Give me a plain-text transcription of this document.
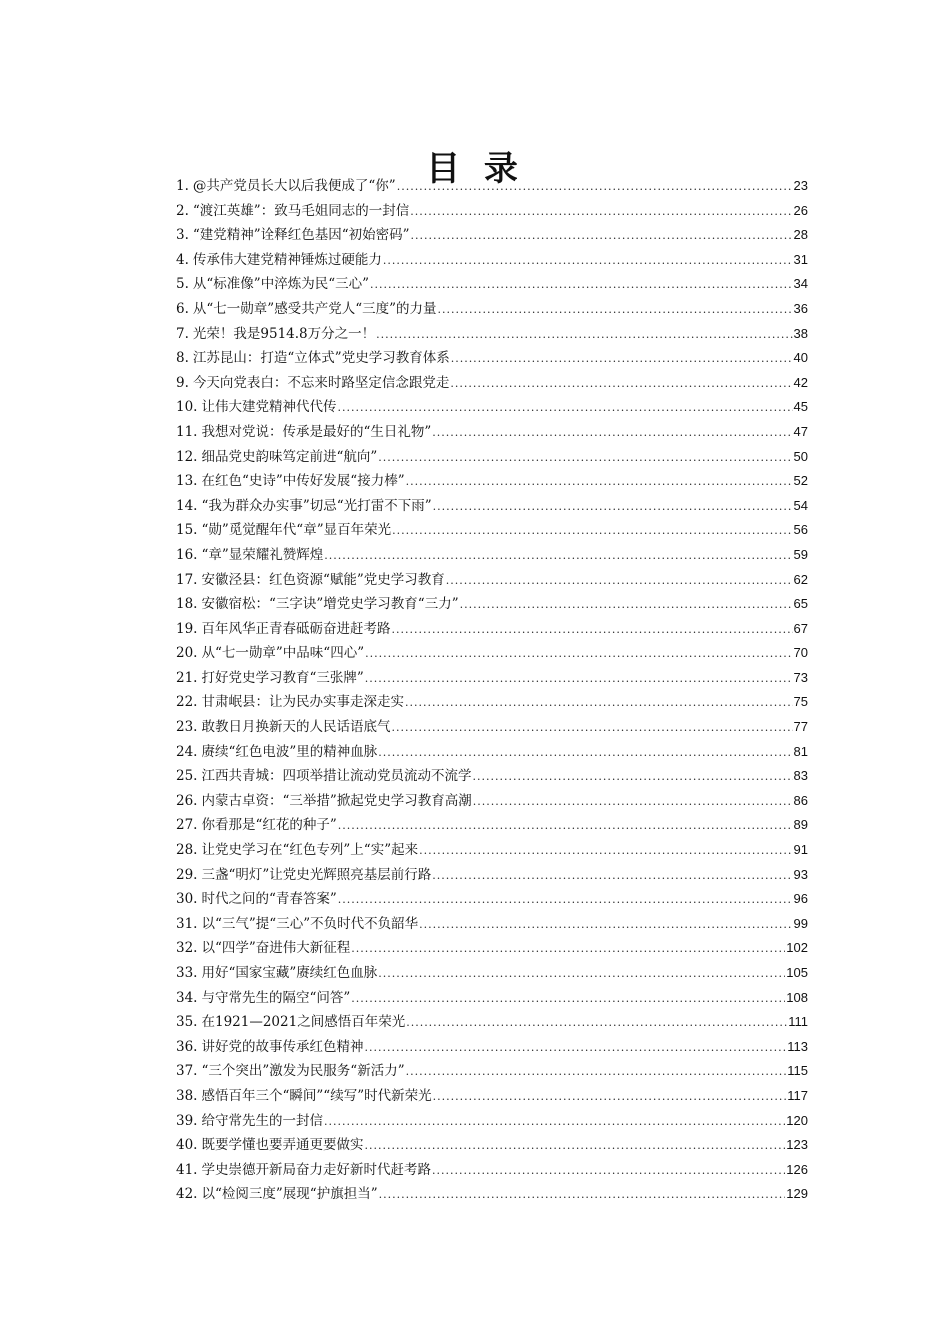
目 录
1. @共产党员长大以后我便成了“你” .....	23
2. “渡江英雄”：致马毛姐同志的一封信 .....	26
3. “建党精神”诠释红色基因“初始密码” .....	28
4. 传承伟大建党精神锤炼过硬能力 .....	31
5. 从“标准像”中淬炼为民“三心” .....	34
6. 从“七一勋章”感受共产党人“三度”的力量 .....	36
7. 光荣！我是9514.8万分之一！ .....	38
8. 江苏昆山：打造“立体式”党史学习教育体系 .....	40
9. 今天向党表白：不忘来时路坚定信念跟党走 .....	42
10. 让伟大建党精神代代传 .....	45
11. 我想对党说：传承是最好的“生日礼物” .....	47
12. 细品党史韵味笃定前进“航向” .....	50
13. 在红色“史诗”中传好发展“接力棒” .....	52
14. “我为群众办实事”切忌“光打雷不下雨” .....	54
15. “勋”觅觉醒年代“章”显百年荣光 .....	56
16. “章”显荣耀礼赞辉煌 .....	59
17. 安徽泾县：红色资源“赋能”党史学习教育 .....	62
18. 安徽宿松：“三字诀”增党史学习教育“三力” .....	65
19. 百年风华正青春砥砺奋进赶考路 .....	67
20. 从“七一勋章”中品味“四心” .....	70
21. 打好党史学习教育“三张牌” .....	73
22. 甘肃岷县：让为民办实事走深走实 .....	75
23. 敢教日月换新天的人民话语底气 .....	77
24. 赓续“红色电波”里的精神血脉 .....	81
25. 江西共青城：四项举措让流动党员流动不流学 .....	83
26. 内蒙古卓资：“三举措”掀起党史学习教育高潮 .....	86
27. 你看那是“红花的种子” .....	89
28. 让党史学习在“红色专列”上“实”起来 .....	91
29. 三盏“明灯”让党史光辉照亮基层前行路 .....	93
30. 时代之问的“青春答案” .....	96
31. 以“三气”提“三心”不负时代不负韶华 .....	99
32. 以“四学”奋进伟大新征程 .....	102
33. 用好“国家宝藏”赓续红色血脉 .....	105
34. 与守常先生的隔空“问答” .....	108
35. 在1921—2021之间感悟百年荣光 .....	111
36. 讲好党的故事传承红色精神 .....	113
37. “三个突出”激发为民服务“新活力” .....	115
38. 感悟百年三个“瞬间”“续写”时代新荣光 .....	117
39. 给守常先生的一封信 .....	120
40. 既要学懂也要弄通更要做实 .....	123
41. 学史崇德开新局奋力走好新时代赶考路 .....	126
42. 以“检阅三度”展现“护旗担当” .....	129
